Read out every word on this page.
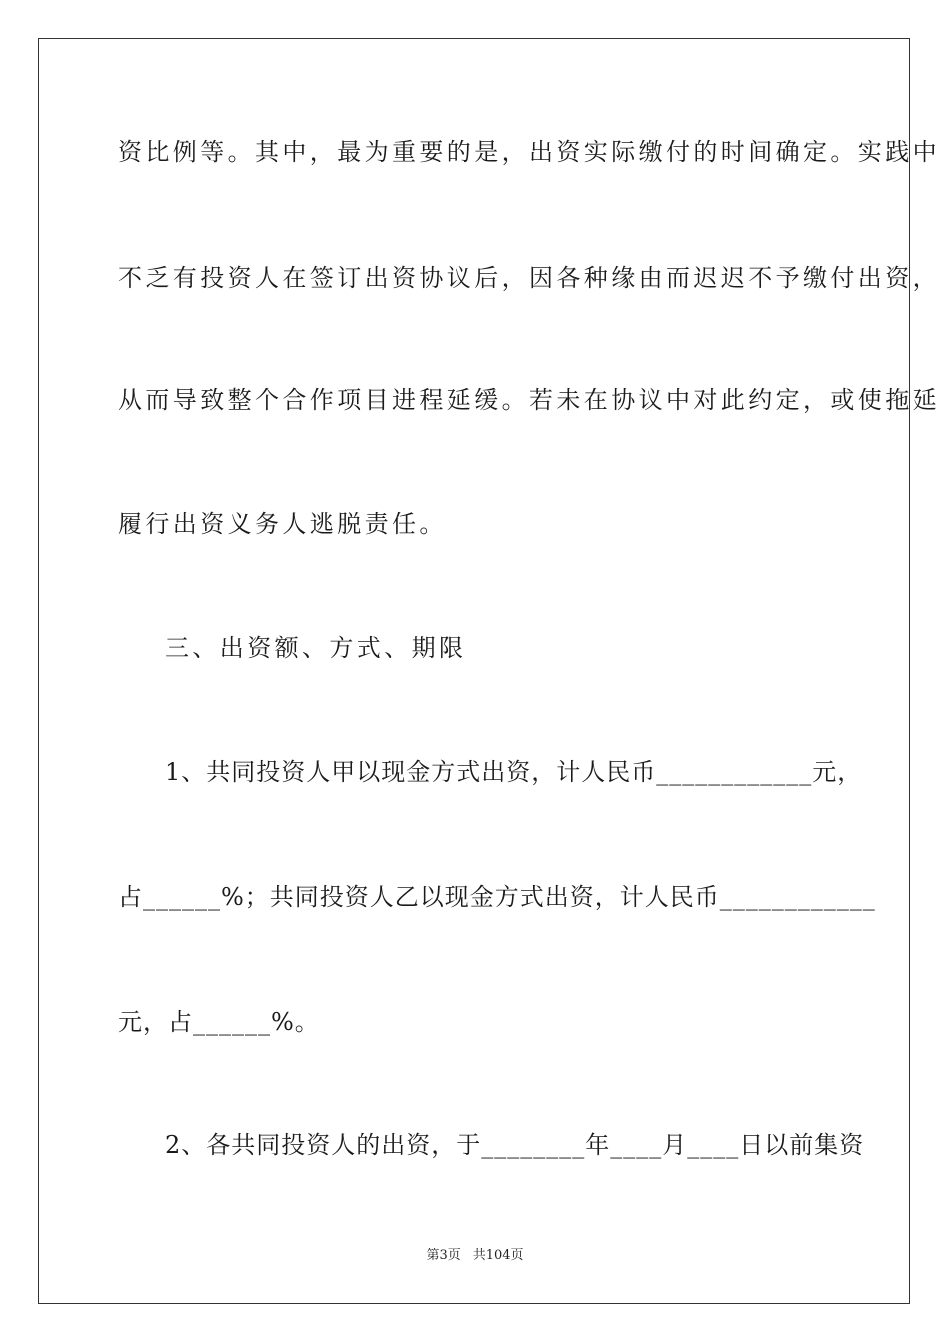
资比例等。其中，最为重要的是，出资实际缴付的时间确定。实践中
不乏有投资人在签订出资协议后，因各种缘由而迟迟不予缴付出资，
从而导致整个合作项目进程延缓。若未在协议中对此约定，或使拖延
履行出资义务人逃脱责任。
三、出资额、方式、期限
1、共同投资人甲以现金方式出资，计人民币____________元，
占______%；共同投资人乙以现金方式出资，计人民币____________
元，占______%。
2、各共同投资人的出资，于________年____月____日以前集资
第3页 共104页
